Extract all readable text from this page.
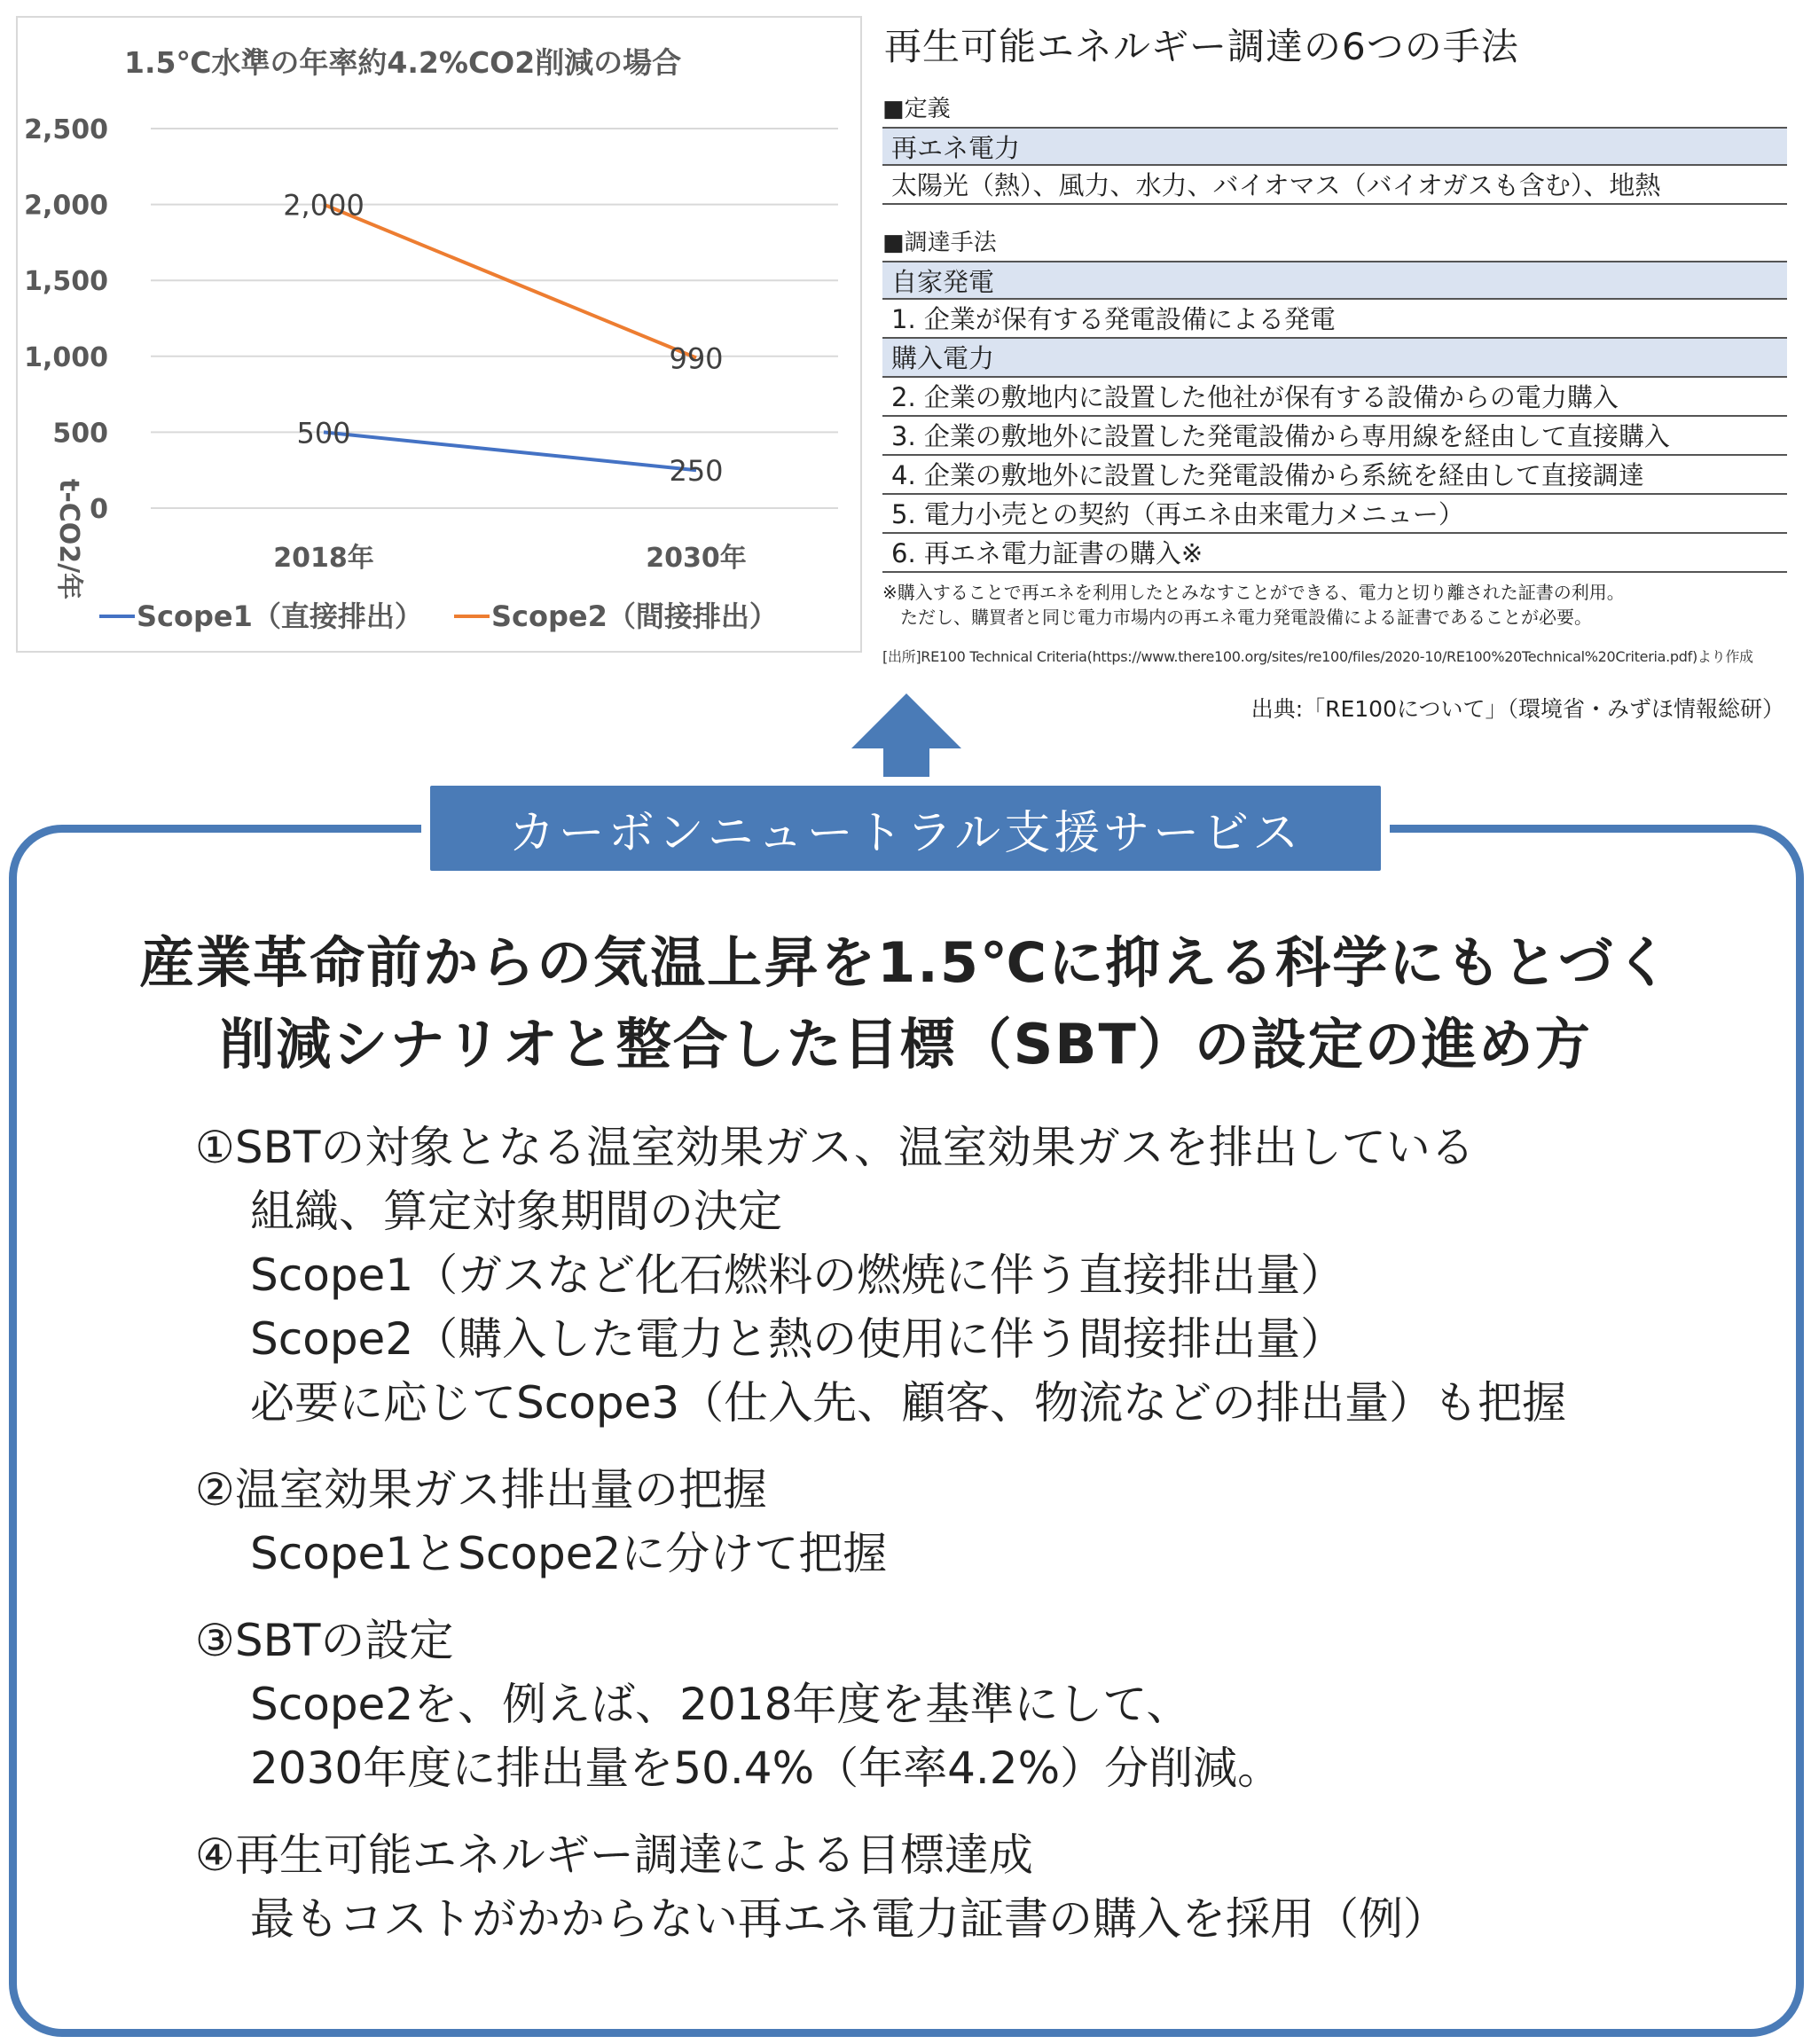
1.5℃水準の年率約4.2%CO2削減の場合
2,500
2,000
1,500
1,000
500
0
2018年	2030年
500
250
2,000
990
t-CO2/年
Scope1（直接排出） Scope2（間接排出）
再生可能エネルギー調達の6つの手法
■定義
再エネ電力
太陽光（熱）、風力、水力、バイオマス（バイオガスも含む）、地熱
■調達手法
自家発電
1. 企業が保有する発電設備による発電
購入電力
2. 企業の敷地内に設置した他社が保有する設備からの電力購入
3. 企業の敷地外に設置した発電設備から専用線を経由して直接購入
4. 企業の敷地外に設置した発電設備から系統を経由して直接調達
5. 電力小売との契約（再エネ由来電力メニュー）
6. 再エネ電力証書の購入※
※購入することで再エネを利用したとみなすことができる、電力と切り離された証書の利用。
　ただし、購買者と同じ電力市場内の再エネ電力発電設備による証書であることが必要。
[出所]RE100 Technical Criteria(https://www.there100.org/sites/re100/files/2020-10/RE100%20Technical%20Criteria.pdf)より作成
出典:「RE100について」（環境省・みずほ情報総研）
カーボンニュートラル支援サービス
産業革命前からの気温上昇を1.5℃に抑える科学にもとづく
削減シナリオと整合した目標（SBT）の設定の進め方
①SBTの対象となる温室効果ガス、温室効果ガスを排出している
組織、算定対象期間の決定
Scope1（ガスなど化石燃料の燃焼に伴う直接排出量）
Scope2（購入した電力と熱の使用に伴う間接排出量）
必要に応じてScope3（仕入先、顧客、物流などの排出量）も把握
②温室効果ガス排出量の把握
Scope1とScope2に分けて把握
③SBTの設定
Scope2を、例えば、2018年度を基準にして、
2030年度に排出量を50.4%（年率4.2%）分削減。
④再生可能エネルギー調達による目標達成
最もコストがかからない再エネ電力証書の購入を採用（例）
